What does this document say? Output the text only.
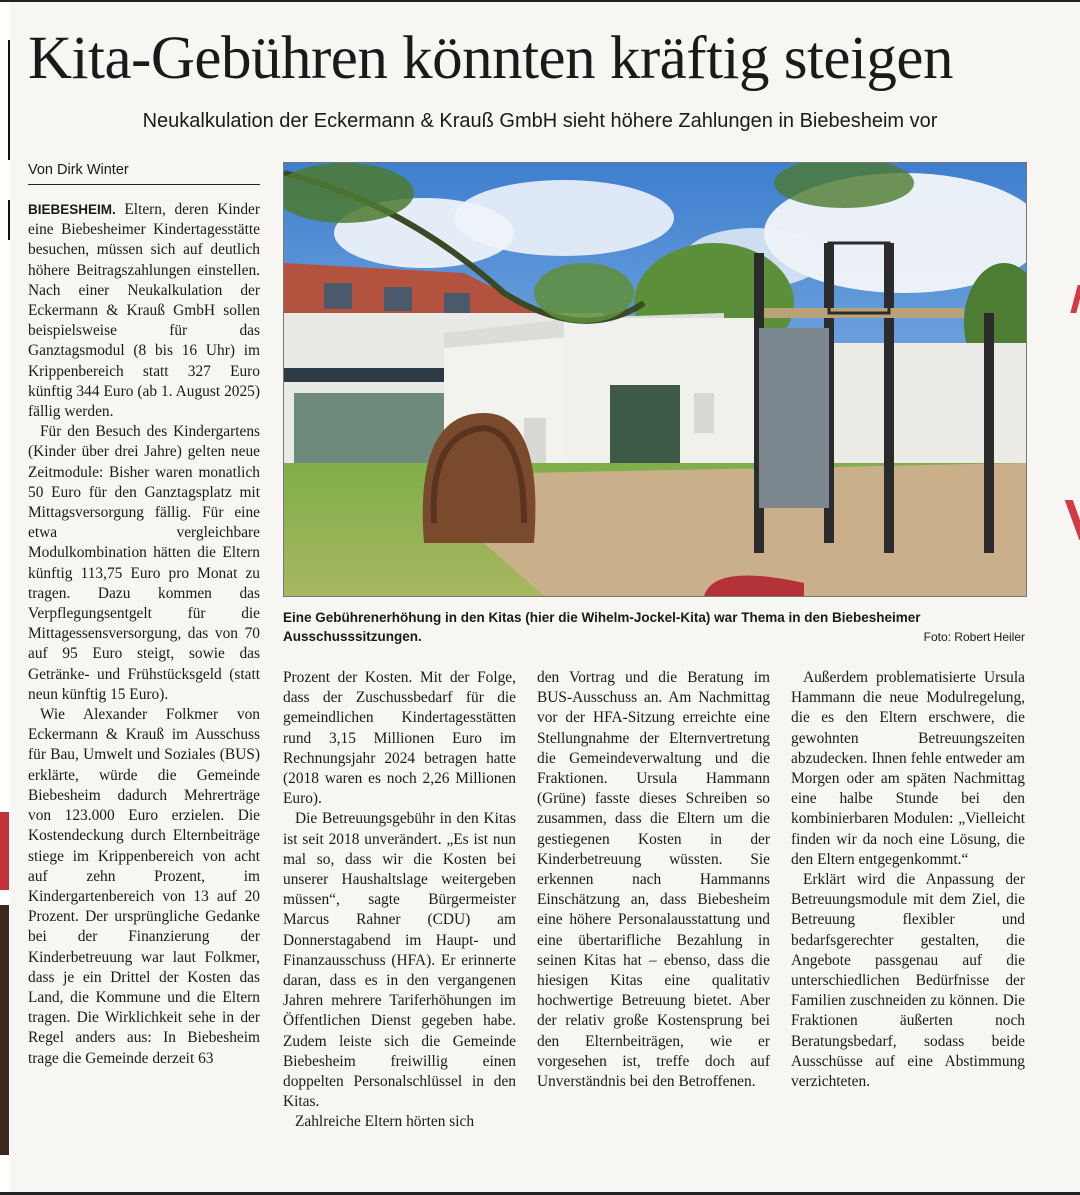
Kita-Gebühren könnten kräftig steigen
Neukalkulation der Eckermann & Krauß GmbH sieht höhere Zahlungen in Biebesheim vor
Von Dirk Winter

BIEBESHEIM. Eltern, deren Kinder eine Biebesheimer Kindertagesstätte besuchen, müssen sich auf deutlich höhere Beitragszahlungen einstellen. Nach einer Neukalkulation der Eckermann & Krauß GmbH sollen beispielsweise für das Ganztagsmodul (8 bis 16 Uhr) im Krippenbereich statt 327 Euro künftig 344 Euro (ab 1. August 2025) fällig werden.

Für den Besuch des Kindergartens (Kinder über drei Jahre) gelten neue Zeitmodule: Bisher waren monatlich 50 Euro für den Ganztagsplatz mit Mittagsversorgung fällig. Für eine etwa vergleichbare Modulkombination hätten die Eltern künftig 113,75 Euro pro Monat zu tragen. Dazu kommen das Verpflegungsentgelt für die Mittagessensversorgung, das von 70 auf 95 Euro steigt, sowie das Getränke- und Frühstücksgeld (statt neun künftig 15 Euro).

Wie Alexander Folkmer von Eckermann & Krauß im Ausschuss für Bau, Umwelt und Soziales (BUS) erklärte, würde die Gemeinde Biebesheim dadurch Mehrerträge von 123.000 Euro erzielen. Die Kostendeckung durch Elternbeiträge stiege im Krippenbereich von acht auf zehn Prozent, im Kindergartenbereich von 13 auf 20 Prozent. Der ursprüngliche Gedanke bei der Finanzierung der Kinderbetreuung war laut Folkmer, dass je ein Drittel der Kosten das Land, die Kommune und die Eltern tragen. Die Wirklichkeit sehe in der Regel anders aus: In Biebesheim trage die Gemeinde derzeit 63

Eine Gebührenerhöhung in den Kitas (hier die Wihelm-Jockel-Kita) war Thema in den Biebesheimer Ausschusssitzungen.	Foto: Robert Heiler

Prozent der Kosten. Mit der Folge, dass der Zuschussbedarf für die gemeindlichen Kindertagesstätten rund 3,15 Millionen Euro im Rechnungsjahr 2024 betragen hatte (2018 waren es noch 2,26 Millionen Euro).

Die Betreuungsgebühr in den Kitas ist seit 2018 unverändert. „Es ist nun mal so, dass wir die Kosten bei unserer Haushaltslage weitergeben müssen“, sagte Bürgermeister Marcus Rahner (CDU) am Donnerstagabend im Haupt- und Finanzausschuss (HFA). Er erinnerte daran, dass es in den vergangenen Jahren mehrere Tariferhöhungen im Öffentlichen Dienst gegeben habe. Zudem leiste sich die Gemeinde Biebesheim freiwillig einen doppelten Personalschlüssel in den Kitas.

Zahlreiche Eltern hörten sich

den Vortrag und die Beratung im BUS-Ausschuss an. Am Nachmittag vor der HFA-Sitzung erreichte eine Stellungnahme der Elternvertretung die Gemeindeverwaltung und die Fraktionen. Ursula Hammann (Grüne) fasste dieses Schreiben so zusammen, dass die Eltern um die gestiegenen Kosten in der Kinderbetreuung wüssten. Sie erkennen nach Hammanns Einschätzung an, dass Biebesheim eine höhere Personalausstattung und eine übertarifliche Bezahlung in seinen Kitas hat – ebenso, dass die hiesigen Kitas eine qualitativ hochwertige Betreuung bietet. Aber der relativ große Kostensprung bei den Elternbeiträgen, wie er vorgesehen ist, treffe doch auf Unverständnis bei den Betroffenen.

Außerdem problematisierte Ursula Hammann die neue Modulregelung, die es den Eltern erschwere, die gewohnten Betreuungszeiten abzudecken. Ihnen fehle entweder am Morgen oder am späten Nachmittag eine halbe Stunde bei den kombinierbaren Modulen: „Vielleicht finden wir da noch eine Lösung, die den Eltern entgegenkommt.“

Erklärt wird die Anpassung der Betreuungsmodule mit dem Ziel, die Betreuung flexibler und bedarfsgerechter gestalten, die Angebote passgenau auf die unterschiedlichen Bedürfnisse der Familien zuschneiden zu können. Die Fraktionen äußerten noch Beratungsbedarf, sodass beide Ausschüsse auf eine Abstimmung verzichteten.
